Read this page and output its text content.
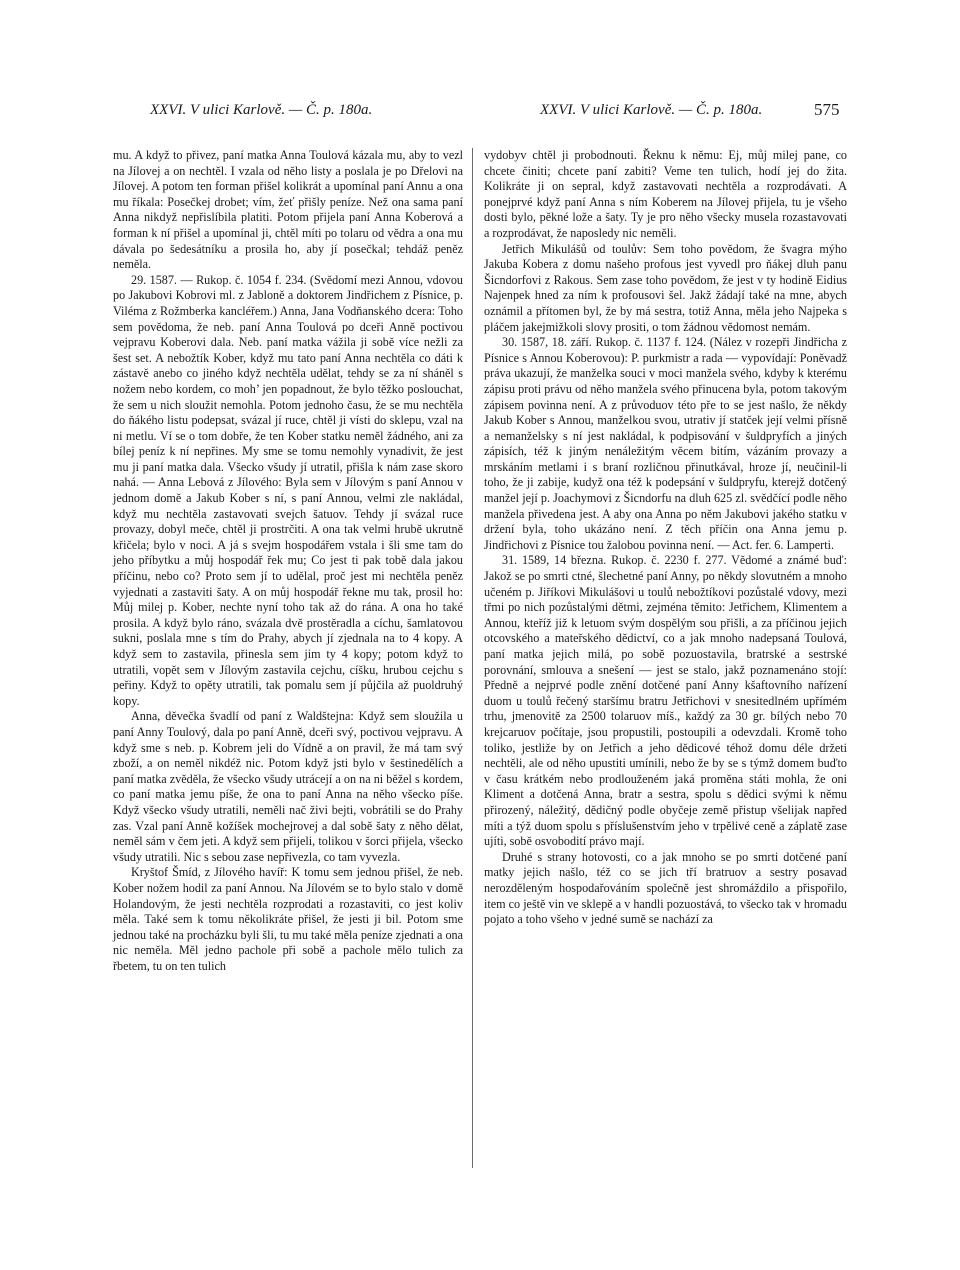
XXVI. V ulici Karlově. — Č. p. 180a.	XXVI. V ulici Karlově. — Č. p. 180a.	575

mu. A když to přivez, paní matka Anna Toulová kázala mu, aby to vezl na Jílovej a on nechtěl. I vzala od něho listy a poslala je po Dřelovi na Jílovej. A potom ten forman přišel kolikrát a upomínal paní Annu a ona mu říkala: Posečkej drobet; vím, žeť přišly peníze. Než ona sama paní Anna nikdyž nepřislíbila platiti. Potom přijela paní Anna Koberová a forman k ní přišel a upomínal ji, chtěl míti po tolaru od vědra a ona mu dávala po šedesátníku a prosila ho, aby jí posečkal; tehdáž peněz neměla.

29. 1587. — Rukop. č. 1054 f. 234. (Svědomí mezi Annou, vdovou po Jakubovi Kobrovi ml. z Jabloně a doktorem Jindřichem z Písnice, p. Viléma z Rožmberka kancléřem.) Anna, Jana Vodňanského dcera: Toho sem povědoma, že neb. paní Anna Toulová po dceři Anně poctivou vejpravu Koberovi dala. Neb. paní matka vážila ji sobě více nežli za šest set. A nebožtík Kober, když mu tato paní Anna nechtěla co dáti k zástavě anebo co jiného když nechtěla udělat, tehdy se za ní sháněl s nožem nebo kordem, co moh’ jen popadnout, že bylo těžko poslouchat, že sem u nich sloužit nemohla. Potom jednoho času, že se mu nechtěla do ňákého listu podepsat, svázal jí ruce, chtěl ji vísti do sklepu, vzal na ni metlu. Ví se o tom dobře, že ten Kober statku neměl žádného, ani za bílej peníz k ní nepřines. My sme se tomu nemohly vynadivit, že jest mu ji paní matka dala. Všecko všudy jí utratil, přišla k nám zase skoro nahá. — Anna Lebová z Jílového: Byla sem v Jílovým s paní Annou v jednom domě a Jakub Kober s ní, s paní Annou, velmi zle nakládal, když mu nechtěla zastavovati svejch šatuov. Tehdy jí svázal ruce provazy, dobyl meče, chtěl ji prostrčiti. A ona tak velmi hrubě ukrutně křičela; bylo v noci. A já s svejm hospodářem vstala i šli sme tam do jeho příbytku a můj hospodář řek mu; Co jest ti pak tobě dala jakou příčinu, nebo co? Proto sem jí to udělal, proč jest mi nechtěla peněz vyjednati a zastaviti šaty. A on můj hospodář řekne mu tak, prosil ho: Můj milej p. Kober, nechte nyní toho tak až do rána. A ona ho také prosila. A když bylo ráno, svázala dvě prostěradla a cíchu, šamlatovou sukni, poslala mne s tím do Prahy, abych jí zjednala na to 4 kopy. A když sem to zastavila, přinesla sem jim ty 4 kopy; potom když to utratili, vopět sem v Jílovým zastavila cejchu, cíšku, hrubou cejchu s peřiny. Když to opěty utratili, tak pomalu sem jí půjčila až puoldruhý kopy.

Anna, děvečka švadlí od paní z Waldštejna: Když sem sloužila u paní Anny Toulový, dala po paní Anně, dceři svý, poctivou vejpravu. A když sme s neb. p. Kobrem jeli do Vídně a on pravil, že má tam svý zboží, a on neměl nikdéž nic. Potom když jsti bylo v šestinedělích a paní matka zvěděla, že všecko všudy utrácejí a on na ni běžel s kordem, co paní matka jemu píše, že ona to paní Anna na něho všecko píše. Když všecko všudy utratili, neměli nač živi bejti, vobrátili se do Prahy zas. Vzal paní Anně kožíšek mochejrovej a dal sobě šaty z něho dělat, neměl sám v čem jeti. A když sem přijeli, tolikou v šorci přijela, všecko všudy utratili. Nic s sebou zase nepřivezla, co tam vyvezla.

Kryštof Šmíd, z Jílového havíř: K tomu sem jednou přišel, že neb. Kober nožem hodil za paní Annou. Na Jílovém se to bylo stalo v domě Holandovým, že jesti nechtěla rozprodati a rozastaviti, co jest koliv měla. Také sem k tomu několikráte přišel, že jesti ji bil. Potom sme jednou také na procházku byli šli, tu mu také měla peníze zjednati a ona nic neměla. Měl jedno pachole při sobě a pachole mělo tulich za řbetem, tu on ten tulich

vydobyv chtěl ji probodnouti. Řeknu k němu: Ej, můj milej pane, co chcete činiti; chcete paní zabiti? Veme ten tulich, hodí jej do žita. Kolikráte ji on sepral, když zastavovati nechtěla a rozprodávati. A ponejprvé když paní Anna s ním Koberem na Jílovej přijela, tu je všeho dosti bylo, pěkné lože a šaty. Ty je pro něho všecky musela rozastavovati a rozprodávat, že naposledy nic neměli.

Jetřich Mikulášů od toulův: Sem toho povědom, že švagra mýho Jakuba Kobera z domu našeho profous jest vyvedl pro ňákej dluh panu Šicndorfovi z Rakous. Sem zase toho povědom, že jest v ty hodině Eidius Najenpek hned za ním k profousovi šel. Jakž žádají také na mne, abych oznámil a přítomen byl, že by má sestra, totiž Anna, měla jeho Najpeka s pláčem jakejmižkoli slovy prositi, o tom žádnou vědomost nemám.

30. 1587, 18. září. Rukop. č. 1137 f. 124. (Nález v rozepři Jindřicha z Písnice s Annou Koberovou): P. purkmistr a rada — vypovídají: Poněvadž práva ukazují, že manželka souci v moci manžela svého, kdyby k kterému zápisu proti právu od něho manžela svého přinucena byla, potom takovým zápisem povinna není. A z průvoduov této pře to se jest našlo, že někdy Jakub Kober s Annou, manželkou svou, utrativ jí statček její velmi přísně a nemanželsky s ní jest nakládal, k podpisování v šuldpryfích a jiných zápisích, též k jiným nenáležitým věcem bitím, vázáním provazy a mrskáním metlami i s braní rozličnou přinutkával, hroze jí, neučinil-li toho, že ji zabije, kudyž ona též k podepsání v šuldpryfu, kterejž dotčený manžel její p. Joachymovi z Šicndorfu na dluh 625 zl. svědčící podle něho manžela přivedena jest. A aby ona Anna po něm Jakubovi jakého statku v držení byla, toho ukázáno není. Z těch příčin ona Anna jemu p. Jindřichovi z Písnice tou žalobou povinna není. — Act. fer. 6. Lamperti.

31. 1589, 14 března. Rukop. č. 2230 f. 277. Vědomé a známé buď: Jakož se po smrti ctné, šlechetné paní Anny, po někdy slovutném a mnoho učeném p. Jiříkovi Mikulášovi u toulů nebožtíkovi pozůstalé vdovy, mezi třmi po nich pozůstalými dětmi, zejména těmito: Jetřichem, Klimentem a Annou, kteříž již k letuom svým dospělým sou přišli, a za příčinou jejich otcovského a mateřského dědictví, co a jak mnoho nadepsaná Toulová, paní matka jejich milá, po sobě pozuostavila, bratrské a sestrské porovnání, smlouva a snešení — jest se stalo, jakž poznamenáno stojí: Předně a nejprvé podle znění dotčené paní Anny kšaftovního nařízení duom u toulů řečený staršímu bratru Jetřichovi v snesitedlném upřímém trhu, jmenovitě za 2500 tolaruov míš., každý za 30 gr. bílých nebo 70 krejcaruov počítaje, jsou propustili, postoupili a odevzdali. Kromě toho toliko, jestliže by on Jetřich a jeho dědicové téhož domu déle držeti nechtěli, ale od něho upustiti umínili, nebo že by se s týmž domem buďto v času krátkém nebo prodlouženém jaká proměna státi mohla, že oni Kliment a dotčená Anna, bratr a sestra, spolu s dědici svými k němu přirozený, náležitý, dědičný podle obyčeje země přistup všelijak napřed míti a týž duom spolu s příslušenstvím jeho v trpělivé ceně a záplatě zase ujíti, sobě osvobodití právo mají.

Druhé s strany hotovosti, co a jak mnoho se po smrti dotčené paní matky jejich našlo, též co se jich tří bratruov a sestry posavad nerozděleným hospodařováním společně jest shromáždilo a přispořilo, item co ještě vin ve sklepě a v handli pozuostává, to všecko tak v hromadu pojato a toho všeho v jedné sumě se nachází za
